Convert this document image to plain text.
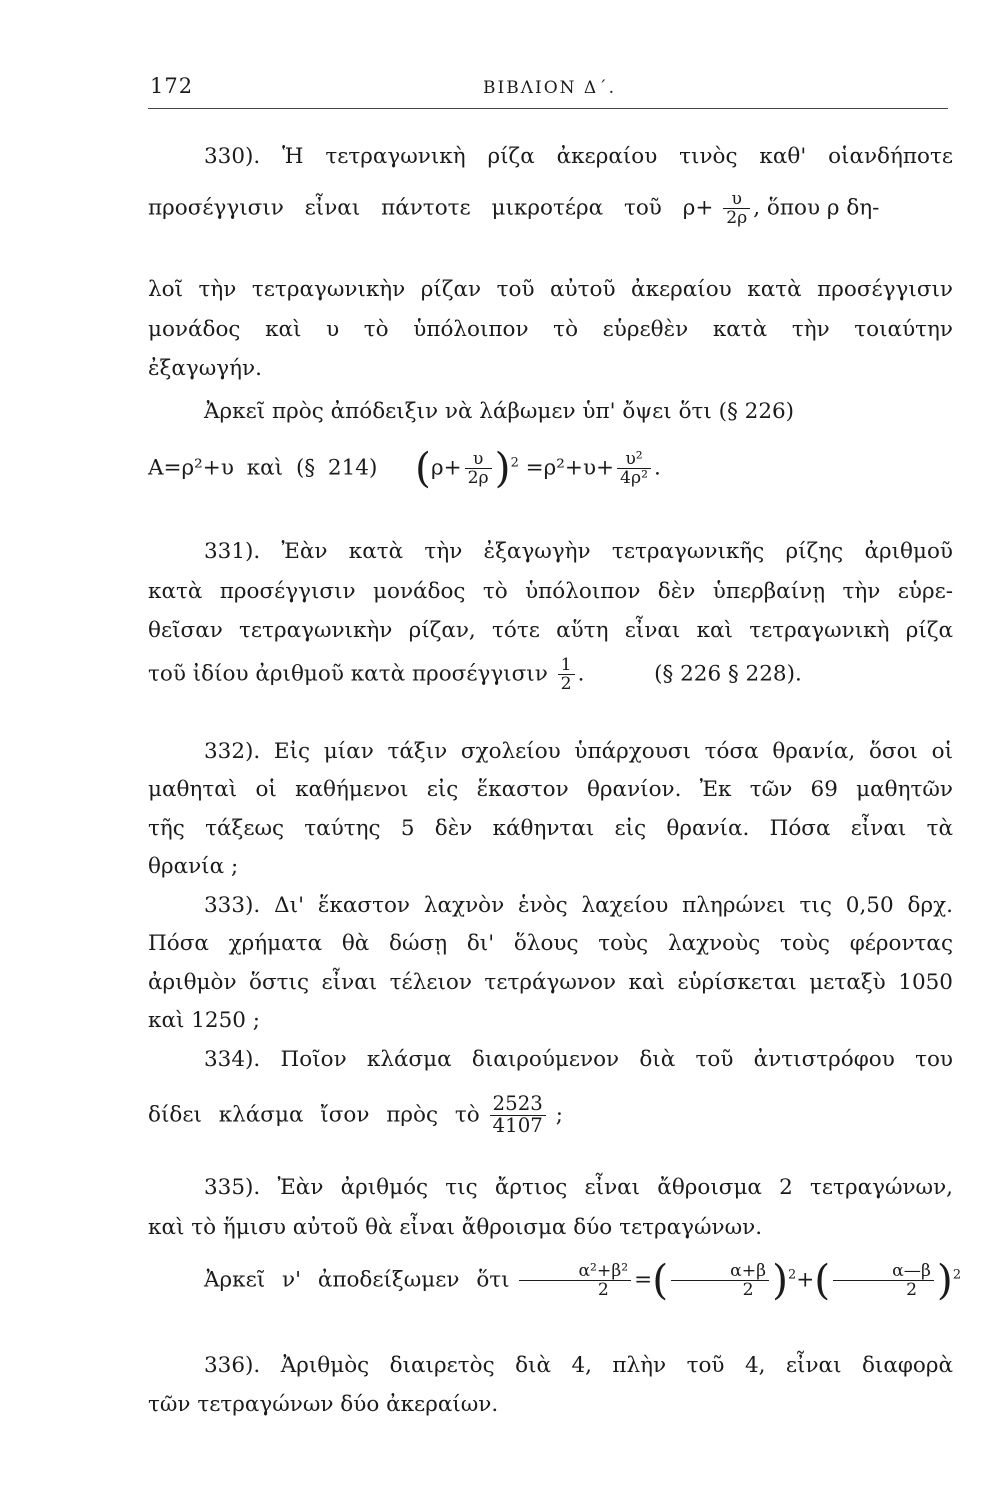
172	ΒΙΒΛΙΟΝ Δ΄.
330). Ἡ τετραγωνικὴ ρίζα ἀκεραίου τινὸς καθ' οἱανδήποτε
προσέγγισιν εἶναι πάντοτε μικροτέρα τοῦ $\rho+ \frac{\upsilon}{2\rho}$ , ὅπου ρ δη-
λοῖ τὴν τετραγωνικὴν ρίζαν τοῦ αὐτοῦ ἀκεραίου κατὰ προσέγγισιν
μονάδος καὶ υ τὸ ὑπόλοιπον τὸ εὑρεθὲν κατὰ τὴν τοιαύτην
ἐξαγωγήν.
Ἀρκεῖ πρὸς ἀπόδειξιν νὰ λάβωμεν ὑπ' ὄψει ὅτι (§ 226)
Α=ρ²+υ καὶ (§ 214) $(\rho+ \frac{\upsilon}{2\rho} )^2 =\rho^2+\upsilon+ \frac{\text{υ²}}{\text{4ρ²}}$ .
331). Ἐὰν κατὰ τὴν ἐξαγωγὴν τετραγωνικῆς ρίζης ἀριθμοῦ
κατὰ προσέγγισιν μονάδος τὸ ὑπόλοιπον δὲν ὑπερβαίνῃ τὴν εὑρε-
θεῖσαν τετραγωνικὴν ρίζαν, τότε αὕτη εἶναι καὶ τετραγωνικὴ ρίζα
τοῦ ἰδίου ἀριθμοῦ κατὰ προσέγγισιν $\frac{1}{2}$ .	(§ 226 § 228).
332). Εἰς μίαν τάξιν σχολείου ὑπάρχουσι τόσα θρανία, ὅσοι οἱ
μαθηταὶ οἱ καθήμενοι εἰς ἕκαστον θρανίον. Ἐκ τῶν 69 μαθητῶν
τῆς τάξεως ταύτης 5 δὲν κάθηνται εἰς θρανία. Πόσα εἶναι τὰ
θρανία ;
333). Δι' ἕκαστον λαχνὸν ἑνὸς λαχείου πληρώνει τις 0,50 δρχ.
Πόσα χρήματα θὰ δώσῃ δι' ὅλους τοὺς λαχνοὺς τοὺς φέροντας
ἀριθμὸν ὅστις εἶναι τέλειον τετράγωνον καὶ εὑρίσκεται μεταξὺ 1050
καὶ 1250 ;
334). Ποῖον κλάσμα διαιρούμενον διὰ τοῦ ἀντιστρόφου του
δίδει κλάσμα ἴσον πρὸς τὸ $\frac{2523}{4107}$ ;
335). Ἐὰν ἀριθμός τις ἄρτιος εἶναι ἄθροισμα 2 τετραγώνων,
καὶ τὸ ἥμισυ αὐτοῦ θὰ εἶναι ἄθροισμα δύο τετραγώνων.
Ἀρκεῖ ν' ἀποδείξωμεν ὅτι $\frac{\text{α²+β²}}{2}$ =( $\frac{\alpha+\beta}{2} )^2+( \frac{\alpha—\beta}{2} )^2$
336). Ἀριθμὸς διαιρετὸς διὰ 4, πλὴν τοῦ 4, εἶναι διαφορὰ
τῶν τετραγώνων δύο ἀκεραίων.
